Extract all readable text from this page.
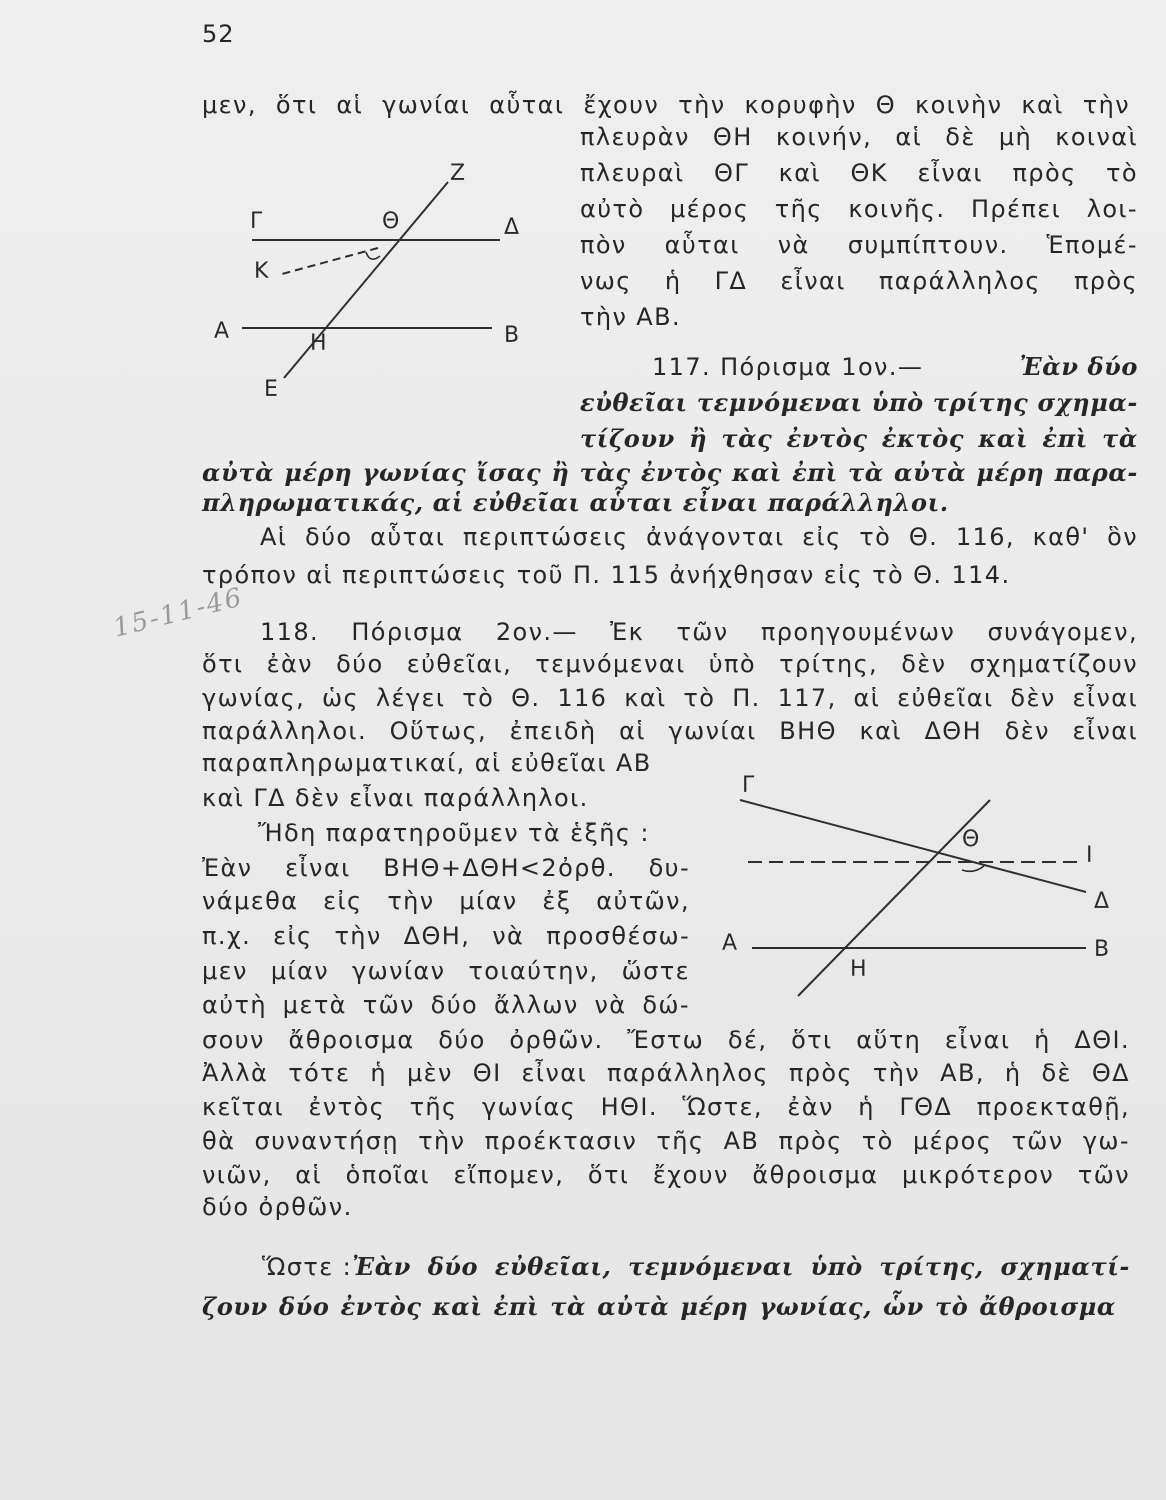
52
μεν, ὅτι αἱ γωνίαι αὗται ἔχουν τὴν κορυφὴν Θ κοινὴν καὶ τὴν
πλευρὰν ΘΗ κοινήν, αἱ δὲ μὴ κοιναὶ
πλευραὶ ΘΓ καὶ ΘΚ εἶναι πρὸς τὸ
αὐτὸ μέρος τῆς κοινῆς. Πρέπει λοι-
πὸν αὗται νὰ συμπίπτουν. Ἑπομέ-
νως ἡ ΓΔ εἶναι παράλληλος πρὸς
τὴν ΑΒ.
117. Πόρισμα 1ον.—	Ἐὰν δύο
εὐθεῖαι τεμνόμεναι ὑπὸ τρίτης σχημα-
τίζουν ἢ τὰς ἐντὸς ἐκτὸς καὶ ἐπὶ τὰ
αὐτὰ μέρη γωνίας ἴσας ἢ τὰς ἐντὸς καὶ ἐπὶ τὰ αὐτὰ μέρη παρα-
πληρωματικάς, αἱ εὐθεῖαι αὗται εἶναι παράλληλοι.
Αἱ δύο αὗται περιπτώσεις ἀνάγονται εἰς τὸ Θ. 116, καθ' ὃν
τρόπον αἱ περιπτώσεις τοῦ Π. 115 ἀνήχθησαν εἰς τὸ Θ. 114.
15-11-46 118. Πόρισμα 2ον.— Ἐκ τῶν προηγουμένων συνάγομεν,
ὅτι ἐὰν δύο εὐθεῖαι, τεμνόμεναι ὑπὸ τρίτης, δὲν σχηματίζουν
γωνίας, ὡς λέγει τὸ Θ. 116 καὶ τὸ Π. 117, αἱ εὐθεῖαι δὲν εἶναι
παράλληλοι. Οὕτως, ἐπειδὴ αἱ γωνίαι ΒΗΘ καὶ ΔΘΗ δὲν εἶναι
παραπληρωματικαί, αἱ εὐθεῖαι ΑΒ
καὶ ΓΔ δὲν εἶναι παράλληλοι.
Ἤδη παρατηροῦμεν τὰ ἑξῆς :
Ἐὰν εἶναι ΒΗΘ+ΔΘΗ<2ὀρθ. δυ-
νάμεθα εἰς τὴν μίαν ἐξ αὐτῶν,
π.χ. εἰς τὴν ΔΘΗ, νὰ προσθέσω-
μεν μίαν γωνίαν τοιαύτην, ὥστε
αὐτὴ μετὰ τῶν δύο ἄλλων νὰ δώ-
σουν ἄθροισμα δύο ὀρθῶν. Ἔστω δέ, ὅτι αὕτη εἶναι ἡ ΔΘΙ.
Ἀλλὰ τότε ἡ μὲν ΘΙ εἶναι παράλληλος πρὸς τὴν ΑΒ, ἡ δὲ ΘΔ
κεῖται ἐντὸς τῆς γωνίας ΗΘΙ. Ὥστε, ἐὰν ἡ ΓΘΔ προεκταθῇ,
θὰ συναντήσῃ τὴν προέκτασιν τῆς ΑΒ πρὸς τὸ μέρος τῶν γω-
νιῶν, αἱ ὁποῖαι εἴπομεν, ὅτι ἔχουν ἄθροισμα μικρότερον τῶν
δύο ὀρθῶν.
Ὥστε : Ἐὰν δύο εὐθεῖαι, τεμνόμεναι ὑπὸ τρίτης, σχηματί-
ζουν δύο ἐντὸς καὶ ἐπὶ τὰ αὐτὰ μέρη γωνίας, ὧν τὸ ἄθροισμα
Ζ
Γ	Θ	Δ
Κ
Α	Η	Β
Ε
Γ
Θ
Ι
Δ
Α	Β
Η
